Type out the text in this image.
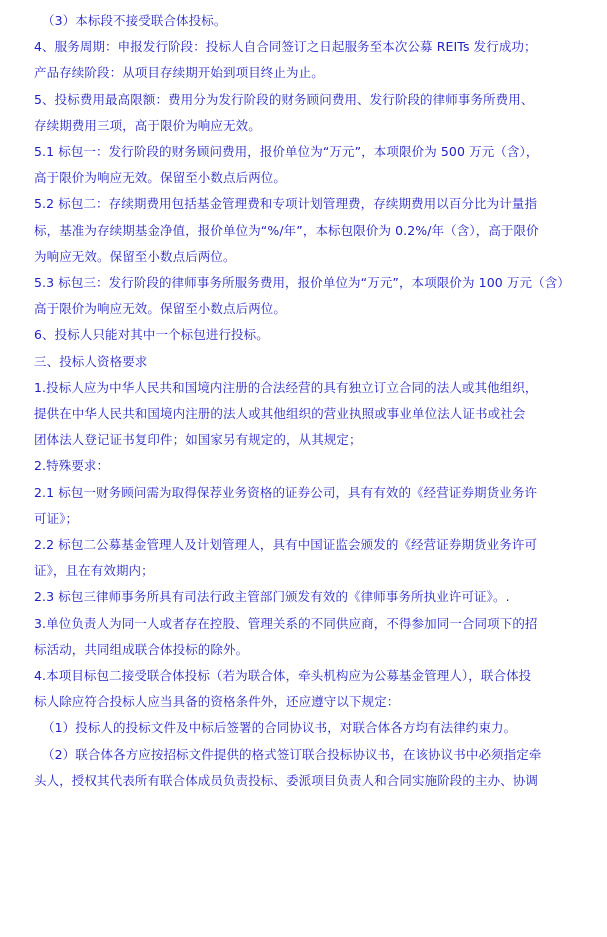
（3）本标段不接受联合体投标。
4、服务周期：申报发行阶段：投标人自合同签订之日起服务至本次公募 REITs 发行成功；
产品存续阶段：从项目存续期开始到项目终止为止。
5、投标费用最高限额：费用分为发行阶段的财务顾问费用、发行阶段的律师事务所费用、
存续期费用三项，高于限价为响应无效。
5.1 标包一：发行阶段的财务顾问费用，报价单位为“万元”，本项限价为 500 万元（含），
高于限价为响应无效。保留至小数点后两位。
5.2 标包二：存续期费用包括基金管理费和专项计划管理费，存续期费用以百分比为计量指
标，基准为存续期基金净值，报价单位为“%/年”，本标包限价为 0.2%/年（含），高于限价
为响应无效。保留至小数点后两位。
5.3 标包三：发行阶段的律师事务所服务费用，报价单位为“万元”，本项限价为 100 万元（含）
高于限价为响应无效。保留至小数点后两位。
6、投标人只能对其中一个标包进行投标。
三、投标人资格要求
1.投标人应为中华人民共和国境内注册的合法经营的具有独立订立合同的法人或其他组织，
提供在中华人民共和国境内注册的法人或其他组织的营业执照或事业单位法人证书或社会
团体法人登记证书复印件；如国家另有规定的，从其规定；
2.特殊要求：
2.1 标包一财务顾问需为取得保荐业务资格的证券公司，具有有效的《经营证券期货业务许
可证》；
2.2 标包二公募基金管理人及计划管理人，具有中国证监会颁发的《经营证券期货业务许可
证》，且在有效期内；
2.3 标包三律师事务所具有司法行政主管部门颁发有效的《律师事务所执业许可证》。.
3.单位负责人为同一人或者存在控股、管理关系的不同供应商，不得参加同一合同项下的招
标活动，共同组成联合体投标的除外。
4.本项目标包二接受联合体投标（若为联合体，牵头机构应为公募基金管理人），联合体投
标人除应符合投标人应当具备的资格条件外，还应遵守以下规定：
（1）投标人的投标文件及中标后签署的合同协议书，对联合体各方均有法律约束力。
（2）联合体各方应按招标文件提供的格式签订联合投标协议书，在该协议书中必须指定牵
头人，授权其代表所有联合体成员负责投标、委派项目负责人和合同实施阶段的主办、协调
